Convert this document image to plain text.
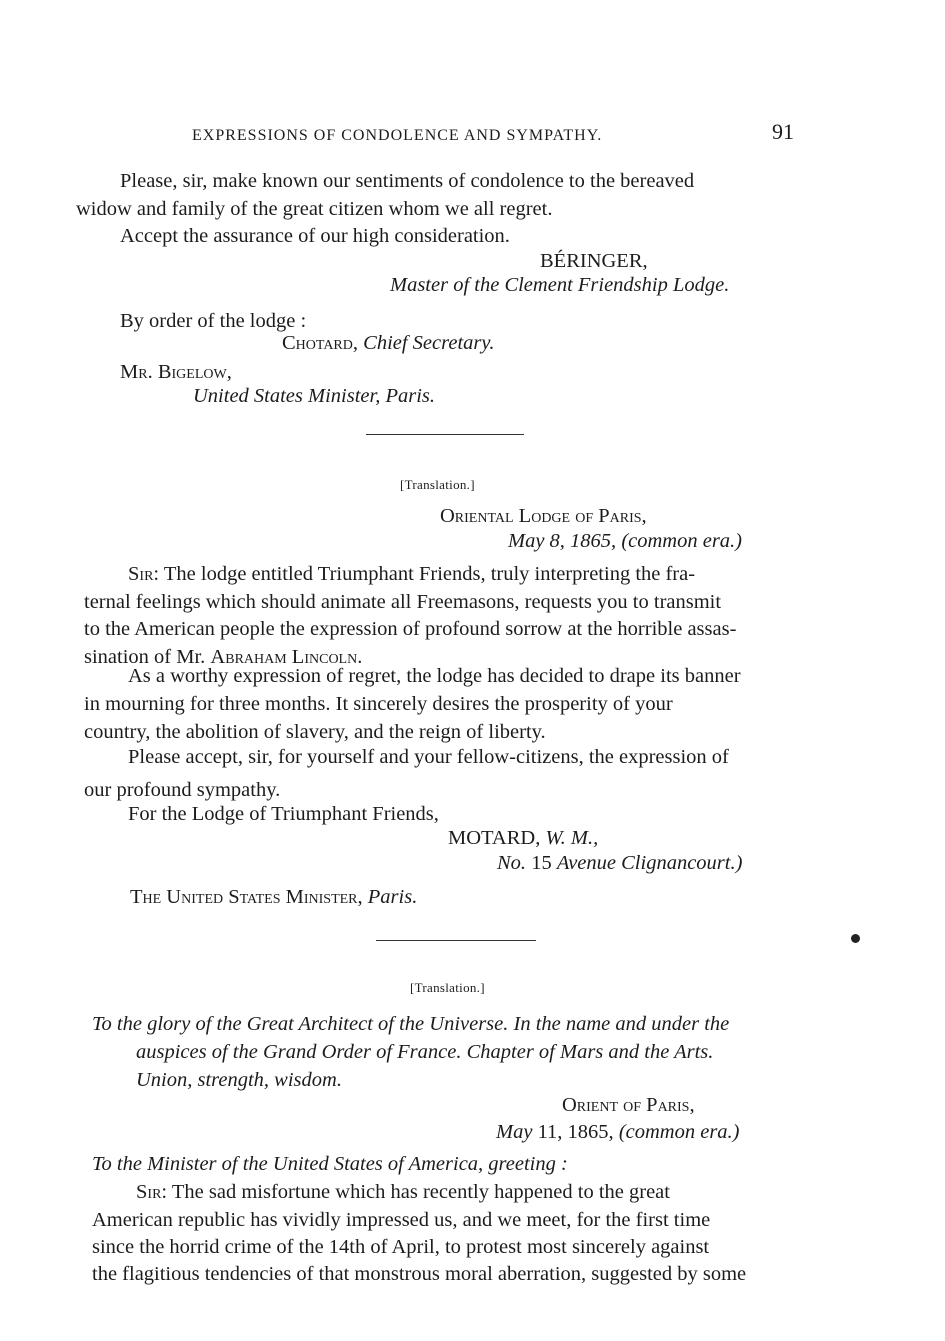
EXPRESSIONS OF CONDOLENCE AND SYMPATHY.	91
Please, sir, make known our sentiments of condolence to the bereaved
widow and family of the great citizen whom we all regret.
Accept the assurance of our high consideration.
BÉRINGER,
Master of the Clement Friendship Lodge.
By order of the lodge :
Chotard, Chief Secretary.
Mr. Bigelow,
United States Minister, Paris.
[Translation.]
Oriental Lodge of Paris,
May 8, 1865, (common era.)
Sir: The lodge entitled Triumphant Friends, truly interpreting the fra-
ternal feelings which should animate all Freemasons, requests you to transmit
to the American people the expression of profound sorrow at the horrible assas-
sination of Mr. Abraham Lincoln.
As a worthy expression of regret, the lodge has decided to drape its banner
in mourning for three months. It sincerely desires the prosperity of your
country, the abolition of slavery, and the reign of liberty.
Please accept, sir, for yourself and your fellow-citizens, the expression of
our profound sympathy.
For the Lodge of Triumphant Friends,
MOTARD, W. M.,
No. 15 Avenue Clignancourt.)
The United States Minister, Paris.
[Translation.]
To the glory of the Great Architect of the Universe. In the name and under the
auspices of the Grand Order of France. Chapter of Mars and the Arts.
Union, strength, wisdom.
Orient of Paris,
May 11, 1865, (common era.)
To the Minister of the United States of America, greeting :
Sir: The sad misfortune which has recently happened to the great
American republic has vividly impressed us, and we meet, for the first time
since the horrid crime of the 14th of April, to protest most sincerely against
the flagitious tendencies of that monstrous moral aberration, suggested by some
